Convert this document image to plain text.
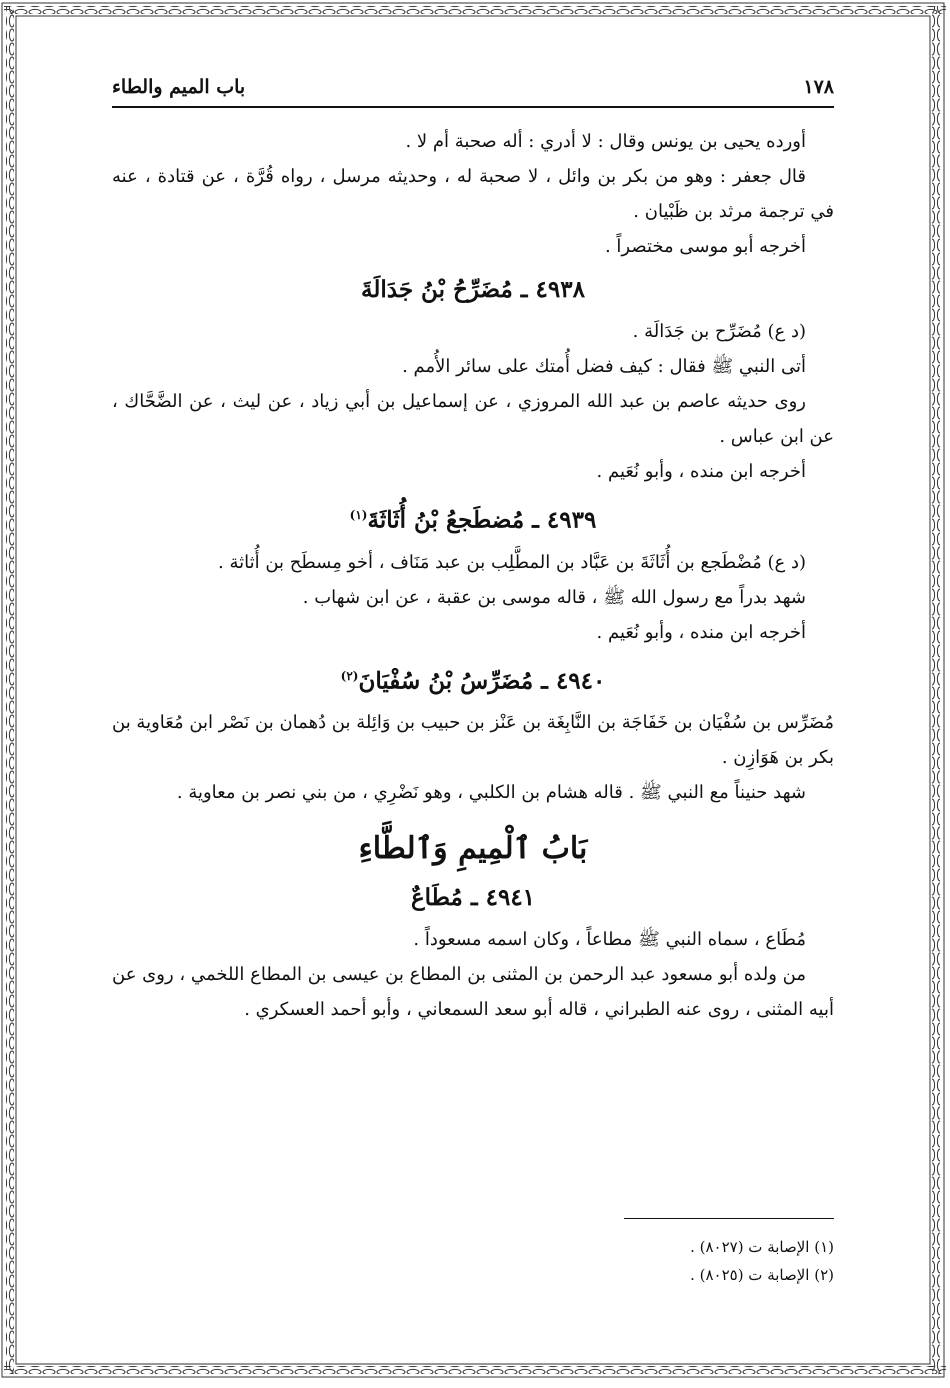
١٧٨
باب الميم والطاء

أورده يحيى بن يونس وقال : لا أدري : أله صحبة أم لا .

قال جعفر : وهو من بكر بن وائل ، لا صحبة له ، وحديثه مرسل ، رواه قُرَّة ، عن قتادة ، عنه في ترجمة مرثد بن ظَبْيان .

أخرجه أبو موسى مختصراً .

٤٩٣٨ ـ مُضَرِّحُ بْنُ جَدَالَةَ

(د ع) مُضَرِّح بن جَدَالَة .

أتى النبي ﷺ فقال : كيف فضل أُمتك على سائر الأُمم .

روى حديثه عاصم بن عبد الله المروزي ، عن إسماعيل بن أبي زياد ، عن ليث ، عن الضَّحَّاك ، عن ابن عباس .

أخرجه ابن منده ، وأبو نُعَيم .

٤٩٣٩ ـ مُضطَجعُ بْنُ أُثَاثَةَ$^{(١)}$

(د ع) مُضْطَجع بن أُثَاثَةَ بن عَبَّاد بن المطَّلِب بن عبد مَنَاف ، أخو مِسطَح بن أُثاثة .

شهد بدراً مع رسول الله ﷺ ، قاله موسى بن عقبة ، عن ابن شهاب .

أخرجه ابن منده ، وأبو نُعَيم .

٤٩٤٠ ـ مُضَرِّسُ بْنُ سُفْيَانَ$^{(٢)}$

مُضَرِّس بن سُفْيَان بن خَفَاجَة بن النَّابِغَة بن عَنْز بن حبيب بن وَائِلة بن دُهمان بن نَصْر ابن مُعَاوية بن بكر بن هَوَازِن .

شهد حنيناً مع النبي ﷺ . قاله هشام بن الكلبي ، وهو نَضْرِي ، من بني نصر بن معاوية .

بَابُ ٱلْمِيمِ وَٱلطَّاءِ
٤٩٤١ ـ مُطَاعٌ

مُطَاع ، سماه النبي ﷺ مطاعاً ، وكان اسمه مسعوداً .

من ولده أبو مسعود عبد الرحمن بن المثنى بن المطاع بن عيسى بن المطاع اللخمي ، روى عن أبيه المثنى ، روى عنه الطبراني ، قاله أبو سعد السمعاني ، وأبو أحمد العسكري .

(١) الإصابة ت (٨٠٢٧) .
(٢) الإصابة ت (٨٠٢٥) .
